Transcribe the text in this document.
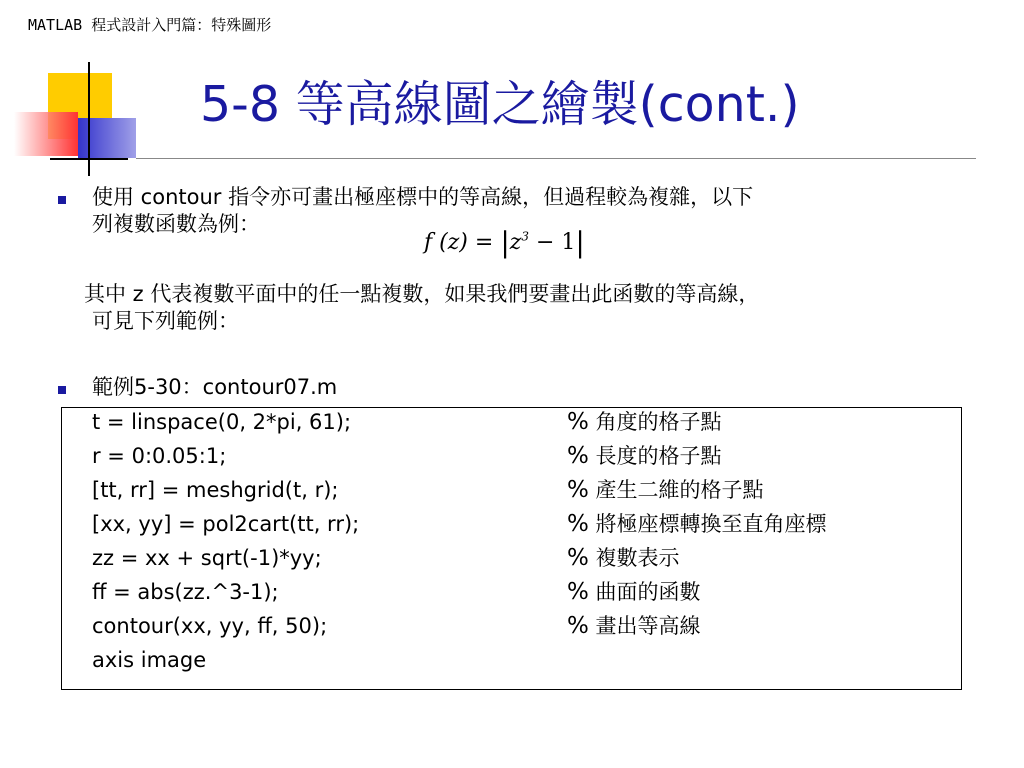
MATLAB 程式設計入門篇：特殊圖形
5-8 等高線圖之繪製(cont.)
使用 contour 指令亦可畫出極座標中的等高線，但過程較為複雜，以下
列複數函數為例：
f $(z) = |z^3 - 1|$
其中 z 代表複數平面中的任一點複數，如果我們要畫出此函數的等高線，
可見下列範例：
範例5-30：contour07.m
t = linspace(0, 2*pi, 61);
r = 0:0.05:1;
[tt, rr] = meshgrid(t, r);
[xx, yy] = pol2cart(tt, rr);
zz = xx + sqrt(-1)*yy;
ff = abs(zz.^3-1);
contour(xx, yy, ff, 50);
axis image
% 角度的格子點
% 長度的格子點
% 產生二維的格子點
% 將極座標轉換至直角座標
% 複數表示
% 曲面的函數
% 畫出等高線
